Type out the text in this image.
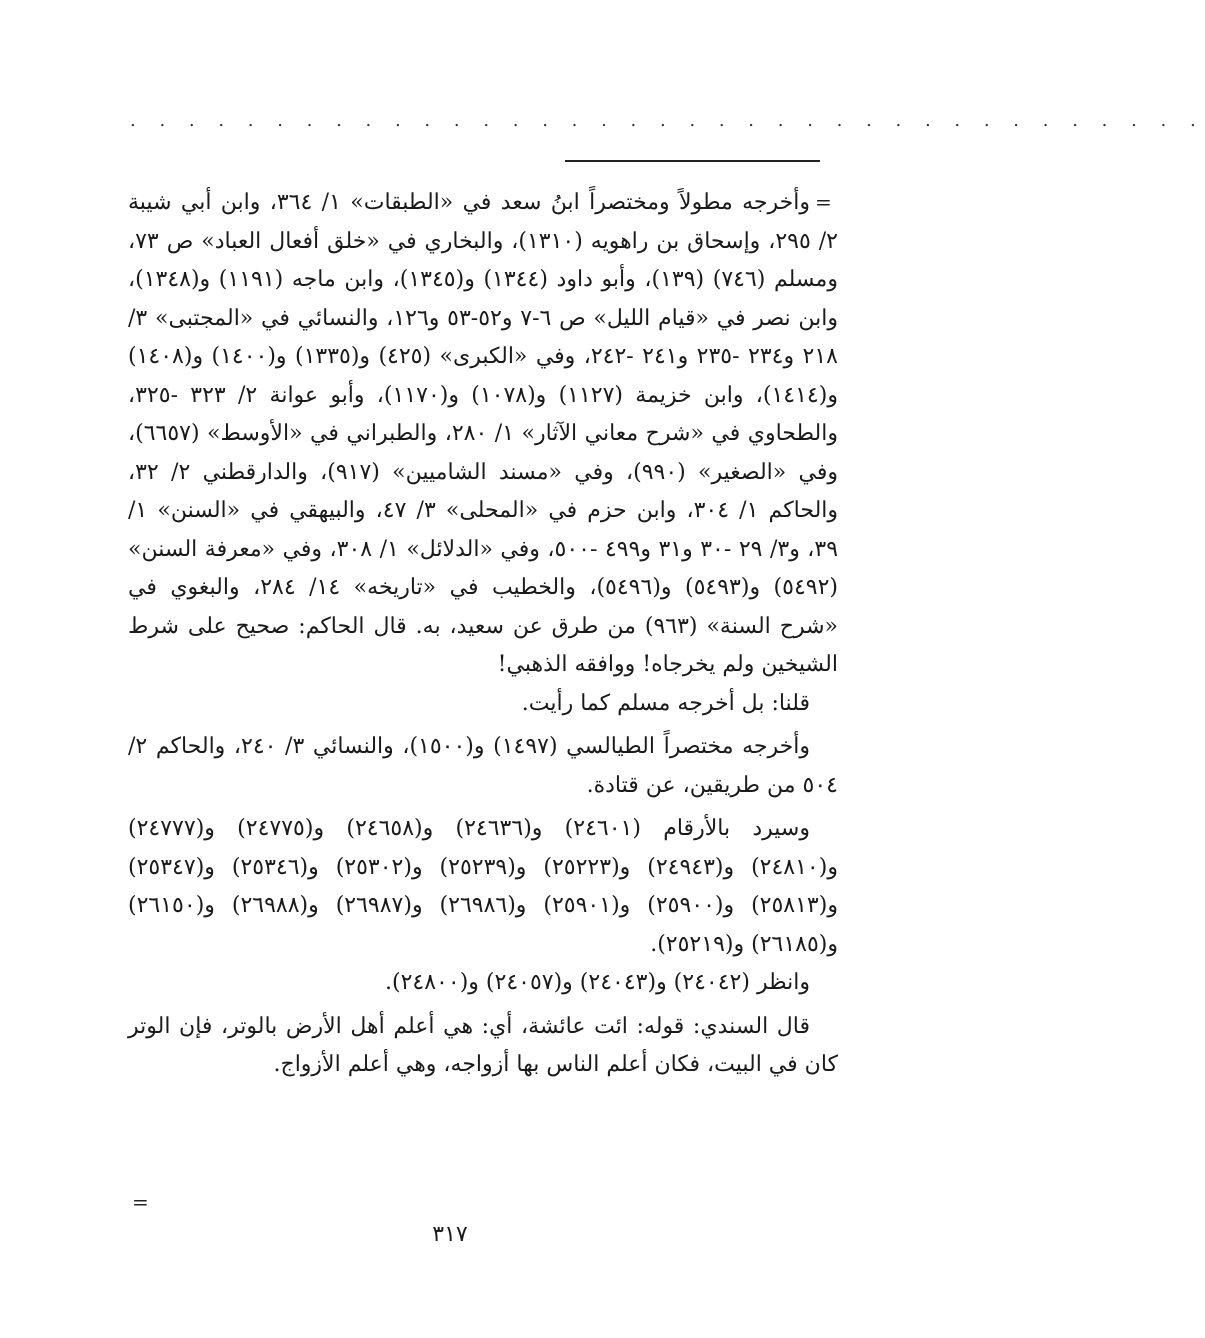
. . . . . . . . . . . . . . . . . . . . . . . . . . . . . . . . . . . . .
=

وأخرجه مطولاً ومختصراً ابنُ سعد في «الطبقات» ١/ ٣٦٤، وابن أبي شيبة ٢/ ٢٩٥، وإسحاق بن راهويه (١٣١٠)، والبخاري في «خلق أفعال العباد» ص ٧٣، ومسلم (٧٤٦) (١٣٩)، وأبو داود (١٣٤٤) و(١٣٤٥)، وابن ماجه (١١٩١) و(١٣٤٨)، وابن نصر في «قيام الليل» ص ٦-٧ و٥٢-٥٣ و١٢٦، والنسائي في «المجتبى» ٣/ ٢١٨ و٢٣٤ -٢٣٥ و٢٤١ -٢٤٢، وفي «الكبرى» (٤٢٥) و(١٣٣٥) و(١٤٠٠) و(١٤٠٨) و(١٤١٤)، وابن خزيمة (١١٢٧) و(١٠٧٨) و(١١٧٠)، وأبو عوانة ٢/ ٣٢٣ -٣٢٥، والطحاوي في «شرح معاني الآثار» ١/ ٢٨٠، والطبراني في «الأوسط» (٦٦٥٧)، وفي «الصغير» (٩٩٠)، وفي «مسند الشاميين» (٩١٧)، والدارقطني ٢/ ٣٢، والحاكم ١/ ٣٠٤، وابن حزم في «المحلى» ٣/ ٤٧، والبيهقي في «السنن» ١/ ٣٩، و٣/ ٢٩ -٣٠ و٣١ و٤٩٩ -٥٠٠، وفي «الدلائل» ١/ ٣٠٨، وفي «معرفة السنن» (٥٤٩٢) و(٥٤٩٣) و(٥٤٩٦)، والخطيب في «تاريخه» ١٤/ ٢٨٤، والبغوي في «شرح السنة» (٩٦٣) من طرق عن سعيد، به. قال الحاكم: صحيح على شرط الشيخين ولم يخرجاه! ووافقه الذهبي!

قلنا: بل أخرجه مسلم كما رأيت.

وأخرجه مختصراً الطيالسي (١٤٩٧) و(١٥٠٠)، والنسائي ٣/ ٢٤٠، والحاكم ٢/ ٥٠٤ من طريقين، عن قتادة.

وسيرد بالأرقام (٢٤٦٠١) و(٢٤٦٣٦) و(٢٤٦٥٨) و(٢٤٧٧٥) و(٢٤٧٧٧) و(٢٤٨١٠) و(٢٤٩٤٣) و(٢٥٢٢٣) و(٢٥٢٣٩) و(٢٥٣٠٢) و(٢٥٣٤٦) و(٢٥٣٤٧) و(٢٥٨١٣) و(٢٥٩٠٠) و(٢٥٩٠١) و(٢٦٩٨٦) و(٢٦٩٨٧) و(٢٦٩٨٨) و(٢٦١٥٠) و(٢٦١٨٥) و(٢٥٢١٩).

وانظر (٢٤٠٤٢) و(٢٤٠٤٣) و(٢٤٠٥٧) و(٢٤٨٠٠).

قال السندي: قوله: ائت عائشة، أي: هي أعلم أهل الأرض بالوتر، فإن الوتر كان في البيت، فكان أعلم الناس بها أزواجه، وهي أعلم الأزواج.

=
٣١٧
